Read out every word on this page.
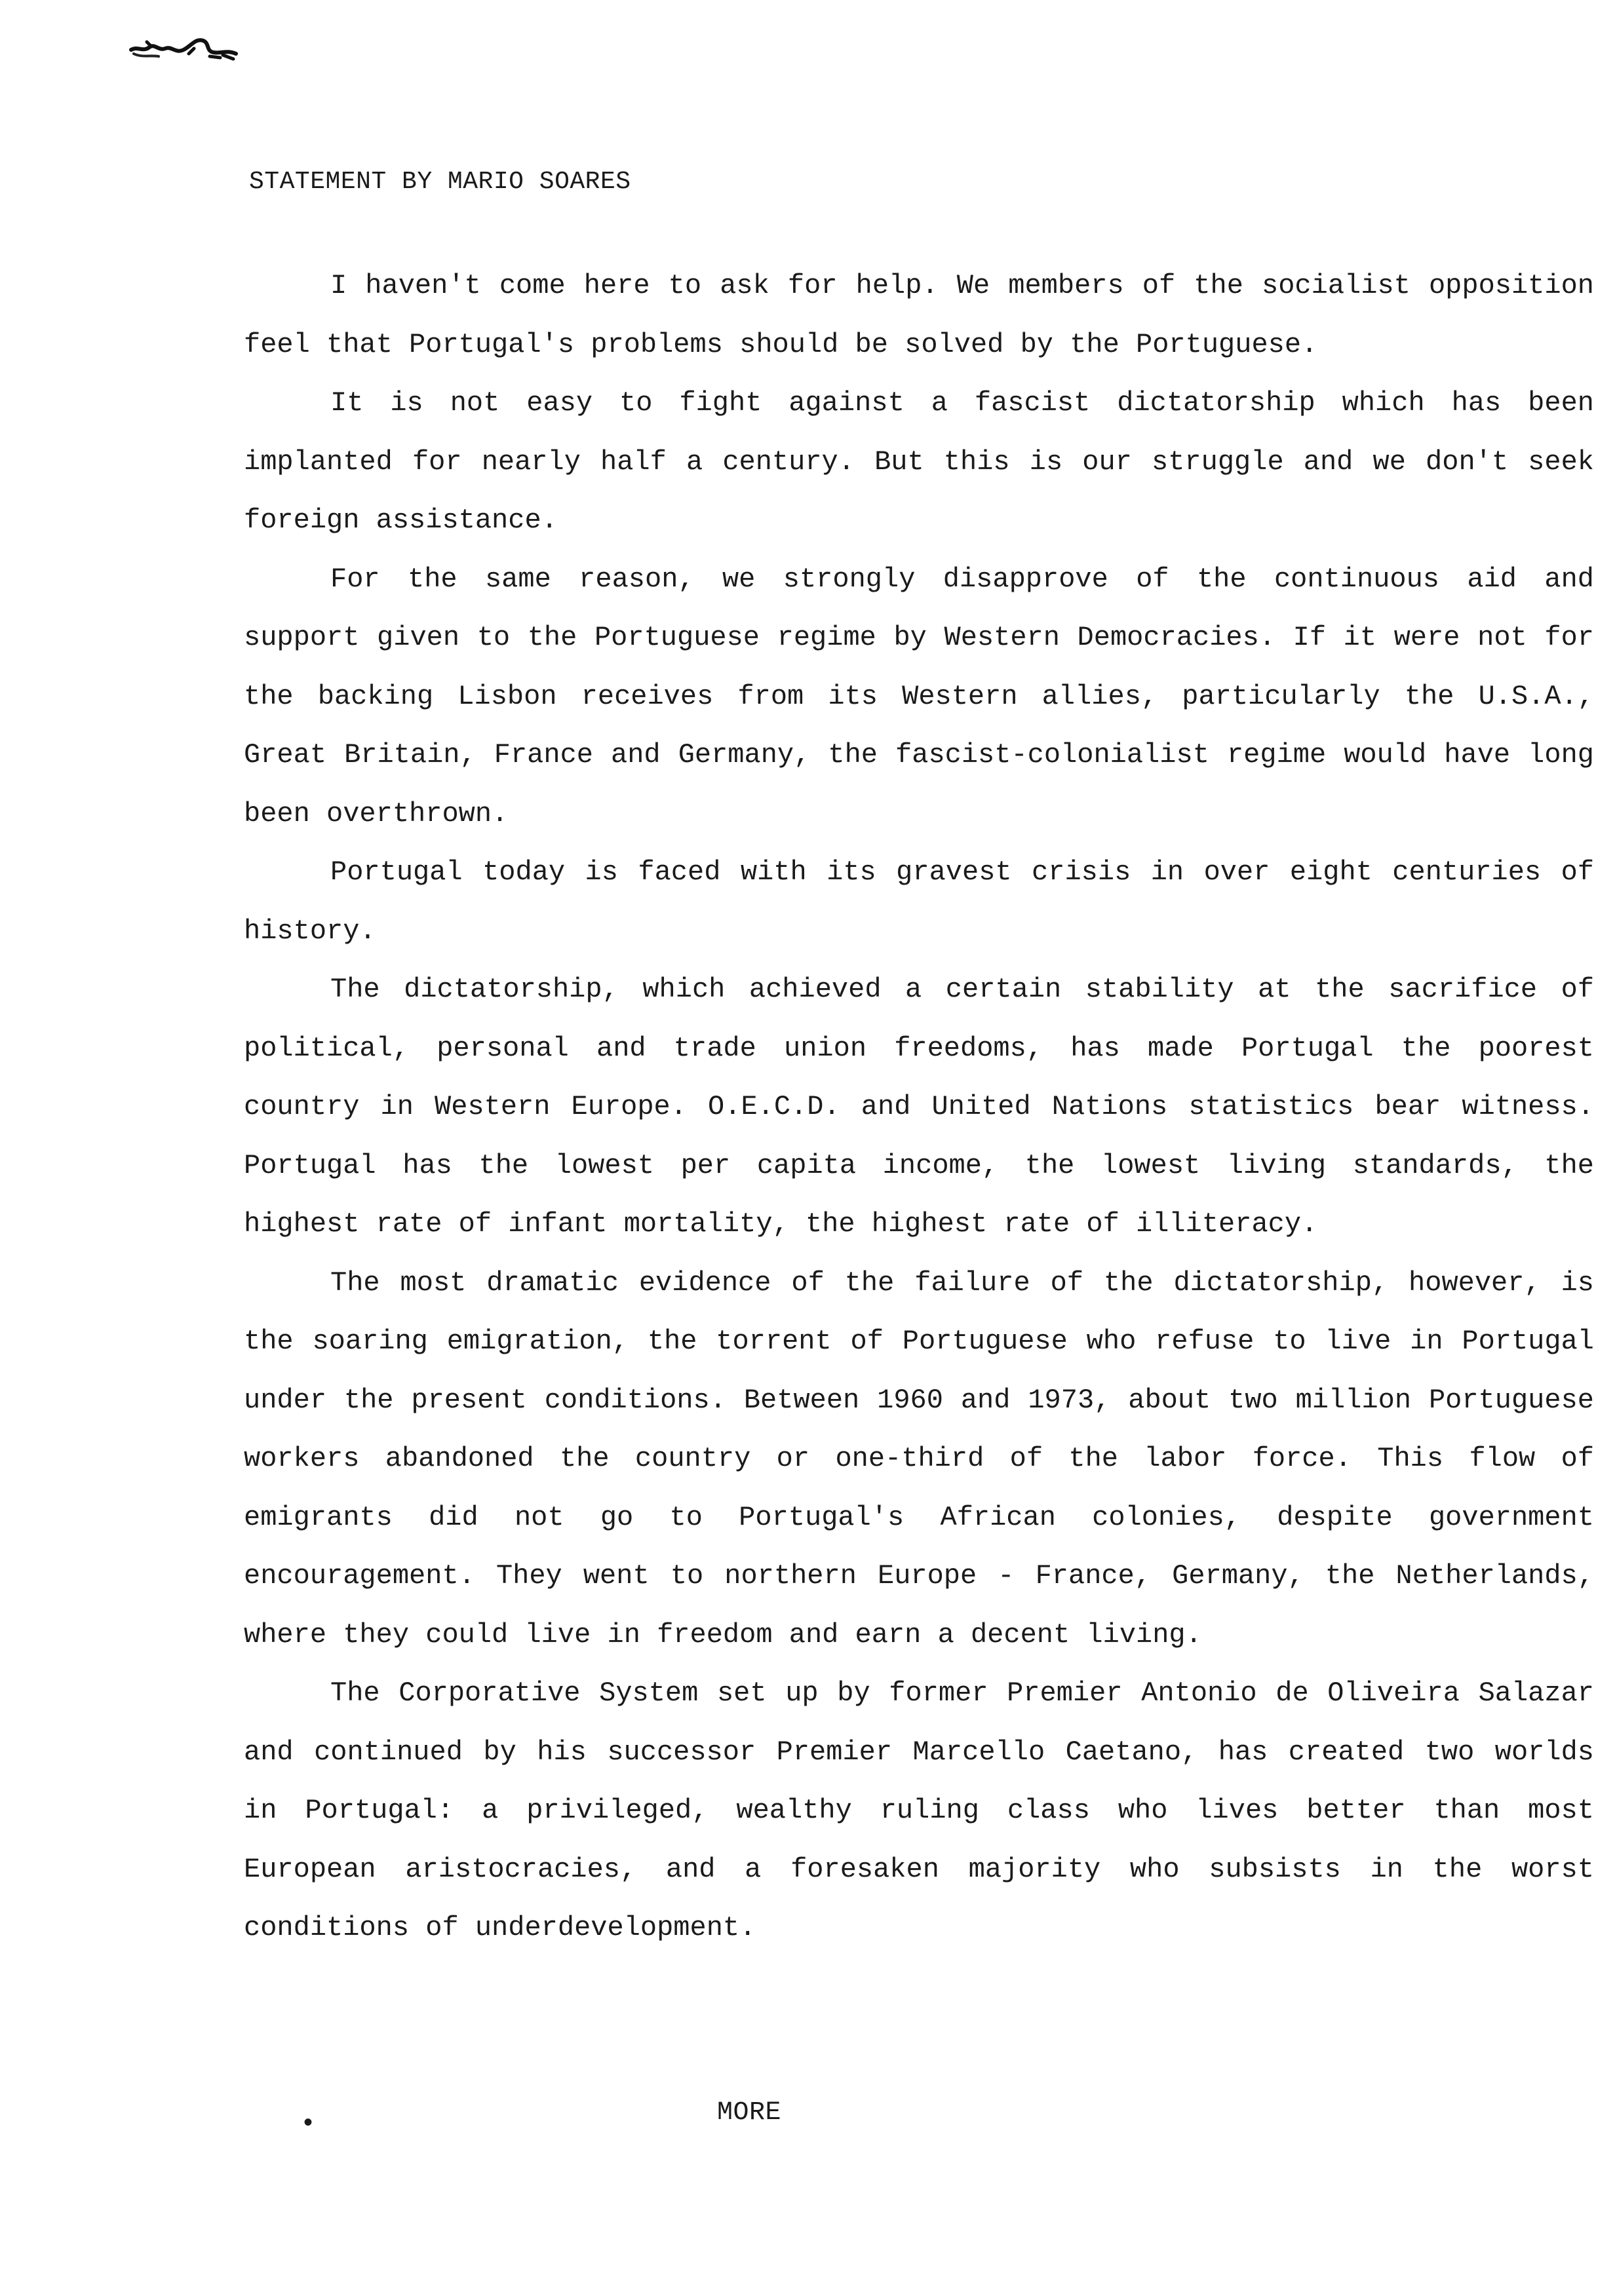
STATEMENT BY MARIO SOARES

I haven't come here to ask for help. We members of the socialist opposition feel that Portugal's problems should be solved by the Portuguese.

It is not easy to fight against a fascist dictatorship which has been implanted for nearly half a century. But this is our struggle and we don't seek foreign assistance.

For the same reason, we strongly disapprove of the continuous aid and support given to the Portuguese regime by Western Democracies. If it were not for the backing Lisbon receives from its Western allies, particularly the U.S.A., Great Britain, France and Germany, the fascist-colonialist regime would have long been overthrown.

Portugal today is faced with its gravest crisis in over eight centuries of history.

The dictatorship, which achieved a certain stability at the sacrifice of political, personal and trade union freedoms, has made Portugal the poorest country in Western Europe. O.E.C.D. and United Nations statistics bear witness. Portugal has the lowest per capita income, the lowest living standards, the highest rate of infant mortality, the highest rate of illiteracy.

The most dramatic evidence of the failure of the dictatorship, however, is the soaring emigration, the torrent of Portuguese who refuse to live in Portugal under the present conditions. Between 1960 and 1973, about two million Portuguese workers abandoned the country or one-third of the labor force. This flow of emigrants did not go to Portugal's African colonies, despite government encouragement. They went to northern Europe - France, Germany, the Netherlands, where they could live in freedom and earn a decent living.

The Corporative System set up by former Premier Antonio de Oliveira Salazar and continued by his successor Premier Marcello Caetano, has created two worlds in Portugal: a privileged, wealthy ruling class who lives better than most European aristocracies, and a foresaken majority who subsists in the worst conditions of underdevelopment.

•	MORE
